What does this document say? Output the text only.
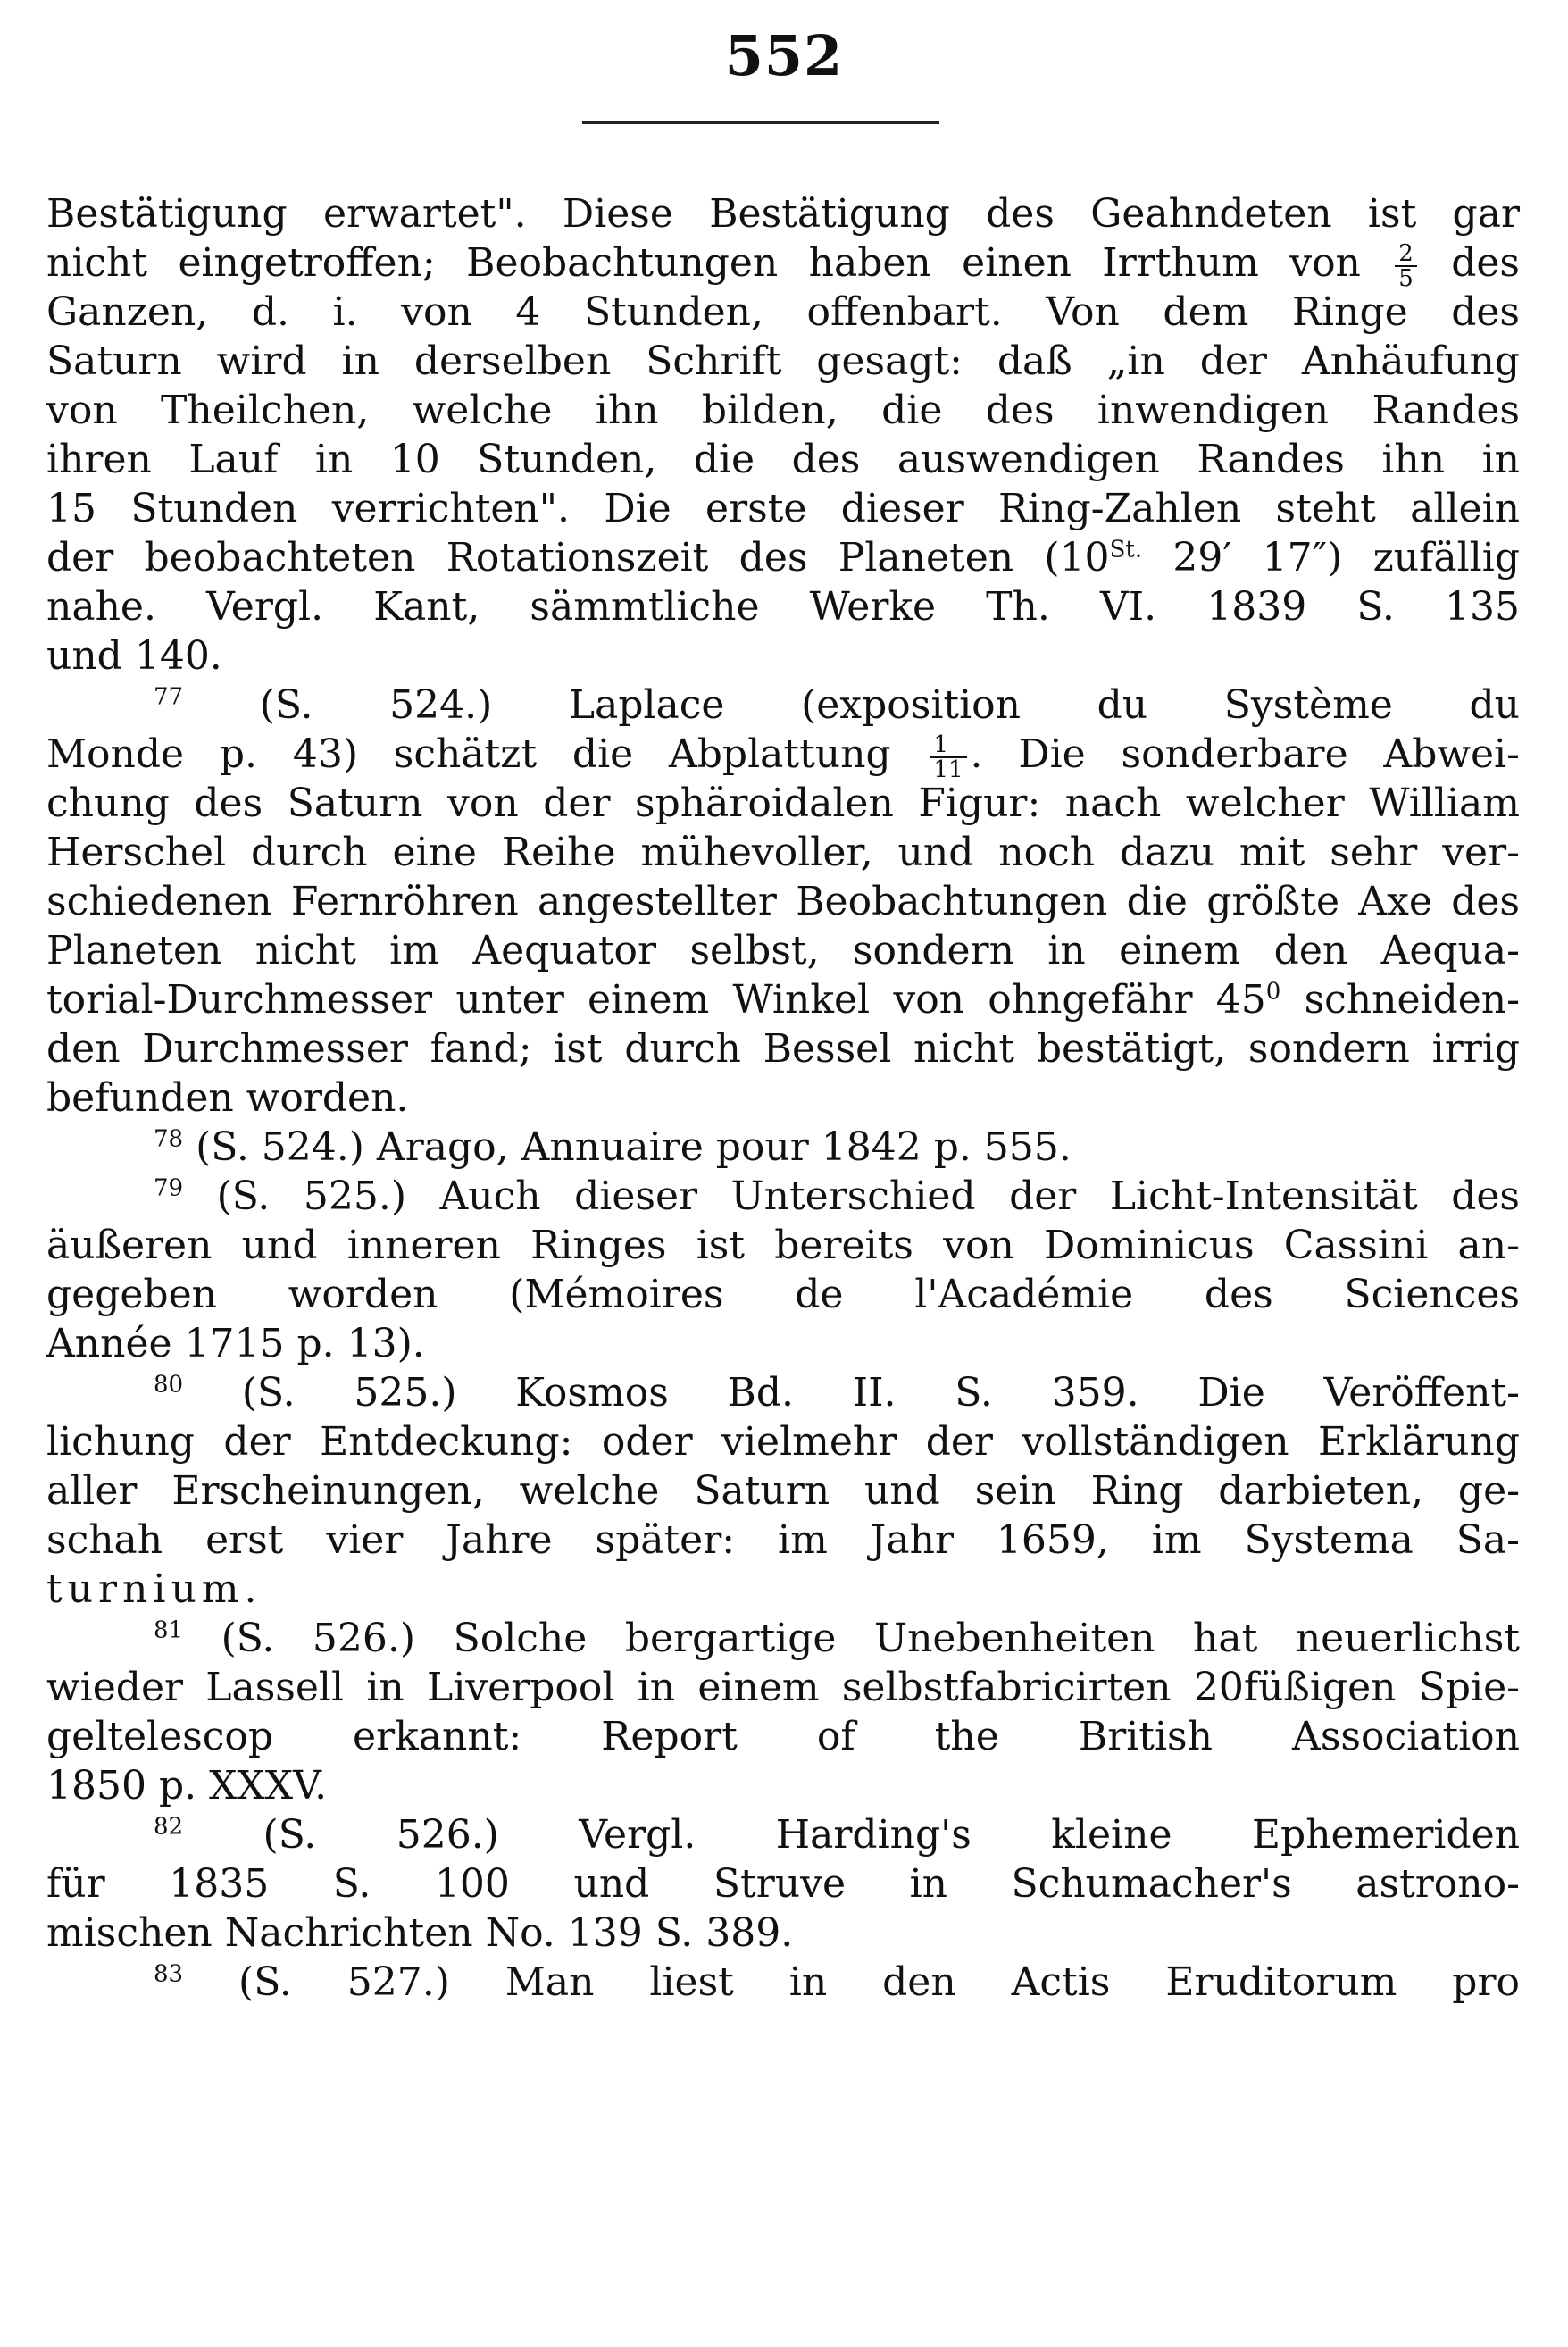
552
Bestätigung erwartet". Diese Bestätigung des Geahndeten ist gar
nicht eingetroffen; Beobachtungen haben einen Irrthum von $\frac{2}{5}$ des
Ganzen, d. i. von 4 Stunden, offenbart. Von dem Ringe des
Saturn wird in derselben Schrift gesagt: daß „in der Anhäufung
von Theilchen, welche ihn bilden, die des inwendigen Randes
ihren Lauf in 10 Stunden, die des auswendigen Randes ihn in
15 Stunden verrichten". Die erste dieser Ring-Zahlen steht allein
der beobachteten Rotationszeit des Planeten ($10^{St.}$ 29′ 17″) zufällig
nahe. Vergl. Kant, sämmtliche Werke Th. VI. 1839 S. 135
und 140.
$^{77}$ (S. 524.) Laplace (exposition du Système du
Monde p. 43) schätzt die Abplattung $\frac{1}{11}$ . Die sonderbare Abwei-
chung des Saturn von der sphäroidalen Figur: nach welcher William
Herschel durch eine Reihe mühevoller, und noch dazu mit sehr ver-
schiedenen Fernröhren angestellter Beobachtungen die größte Axe des
Planeten nicht im Aequator selbst, sondern in einem den Aequa-
torial-Durchmesser unter einem Winkel von ohngefähr $45^0$ schneiden-
den Durchmesser fand; ist durch Bessel nicht bestätigt, sondern irrig
befunden worden.
$^{78}$ (S. 524.) Arago, Annuaire pour 1842 p. 555.
$^{79}$ (S. 525.) Auch dieser Unterschied der Licht-Intensität des
äußeren und inneren Ringes ist bereits von Dominicus Cassini an-
gegeben worden (Mémoires de l'Académie des Sciences
Année 1715 p. 13).
$^{80}$ (S. 525.) Kosmos Bd. II. S. 359. Die Veröffent-
lichung der Entdeckung: oder vielmehr der vollständigen Erklärung
aller Erscheinungen, welche Saturn und sein Ring darbieten, ge-
schah erst vier Jahre später: im Jahr 1659, im Systema Sa-
turnium.
$^{81}$ (S. 526.) Solche bergartige Unebenheiten hat neuerlichst
wieder Lassell in Liverpool in einem selbstfabricirten 20füßigen Spie-
geltelescop erkannt: Report of the British Association
1850 p. XXXV.
$^{82}$ (S. 526.) Vergl. Harding's kleine Ephemeriden
für 1835 S. 100 und Struve in Schumacher's astrono-
mischen Nachrichten No. 139 S. 389.
$^{83}$ (S. 527.) Man liest in den Actis Eruditorum pro
